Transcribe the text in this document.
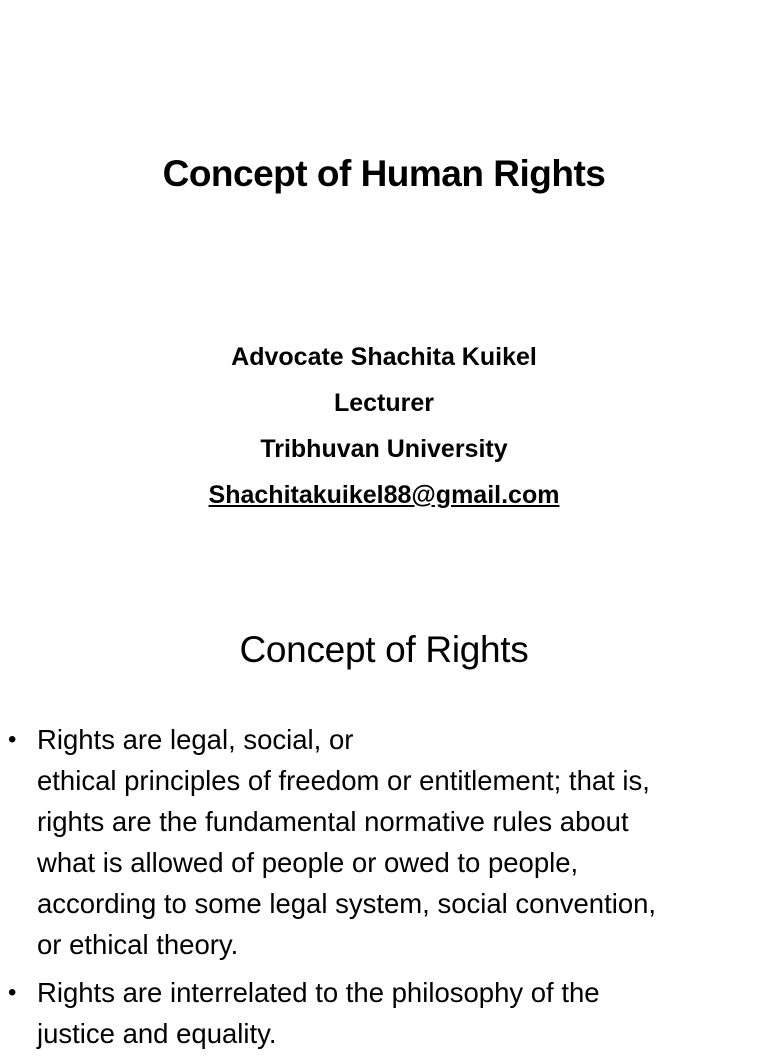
Concept of Human Rights
Advocate Shachita Kuikel
Lecturer
Tribhuvan University
Shachitakuikel88@gmail.com
Concept of Rights
• Rights are legal, social, or
ethical principles of freedom or entitlement; that is,
rights are the fundamental normative rules about
what is allowed of people or owed to people,
according to some legal system, social convention,
or ethical theory.
• Rights are interrelated to the philosophy of the
justice and equality.
